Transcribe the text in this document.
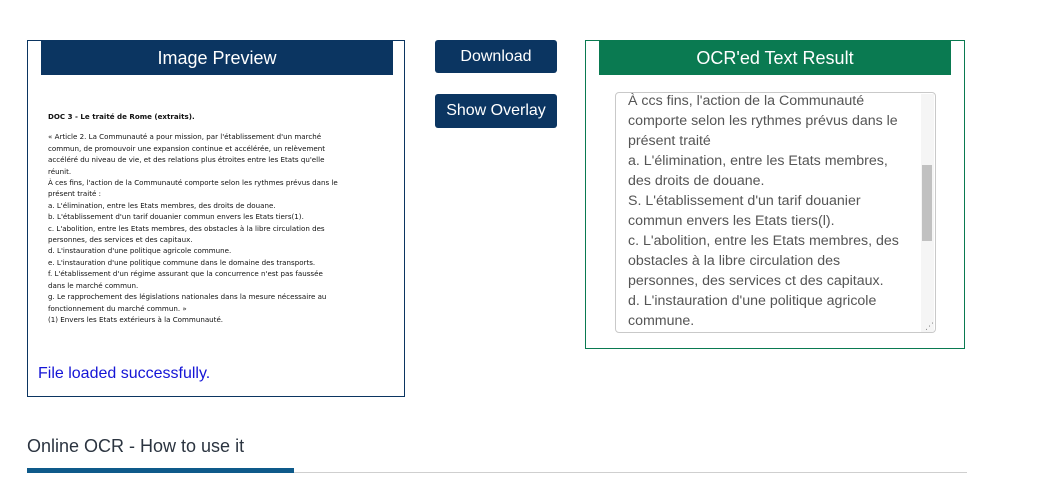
Image Preview
DOC 3 - Le traité de Rome (extraits).
« Article 2. La Communauté a pour mission, par l'établissement d'un marché
commun, de promouvoir une expansion continue et accélérée, un relèvement
accéléré du niveau de vie, et des relations plus étroites entre les Etats qu'elle
réunit.
À ces fins, l'action de la Communauté comporte selon les rythmes prévus dans le
présent traité :
a. L'élimination, entre les Etats membres, des droits de douane.
b. L'établissement d'un tarif douanier commun envers les Etats tiers(1).
c. L'abolition, entre les Etats membres, des obstacles à la libre circulation des
personnes, des services et des capitaux.
d. L'instauration d'une politique agricole commune.
e. L'instauration d'une politique commune dans le domaine des transports.
f. L'établissement d'un régime assurant que la concurrence n'est pas faussée
dans le marché commun.
g. Le rapprochement des législations nationales dans la mesure nécessaire au
fonctionnement du marché commun. »
(1) Envers les Etats extérieurs à la Communauté.
File loaded successfully.
Download
Show Overlay
OCR'ed Text Result
À ccs fins, l'action de la Communauté
comporte selon les rythmes prévus dans le
présent traité
a. L'élimination, entre les Etats membres,
des droits de douane.
S. L'établissement d'un tarif douanier
commun envers les Etats tiers(l).
c. L'abolition, entre les Etats membres, des
obstacles à la libre circulation des
personnes, des services ct des capitaux.
d. L'instauration d'une politique agricole
commune.	⋰
Online OCR - How to use it
